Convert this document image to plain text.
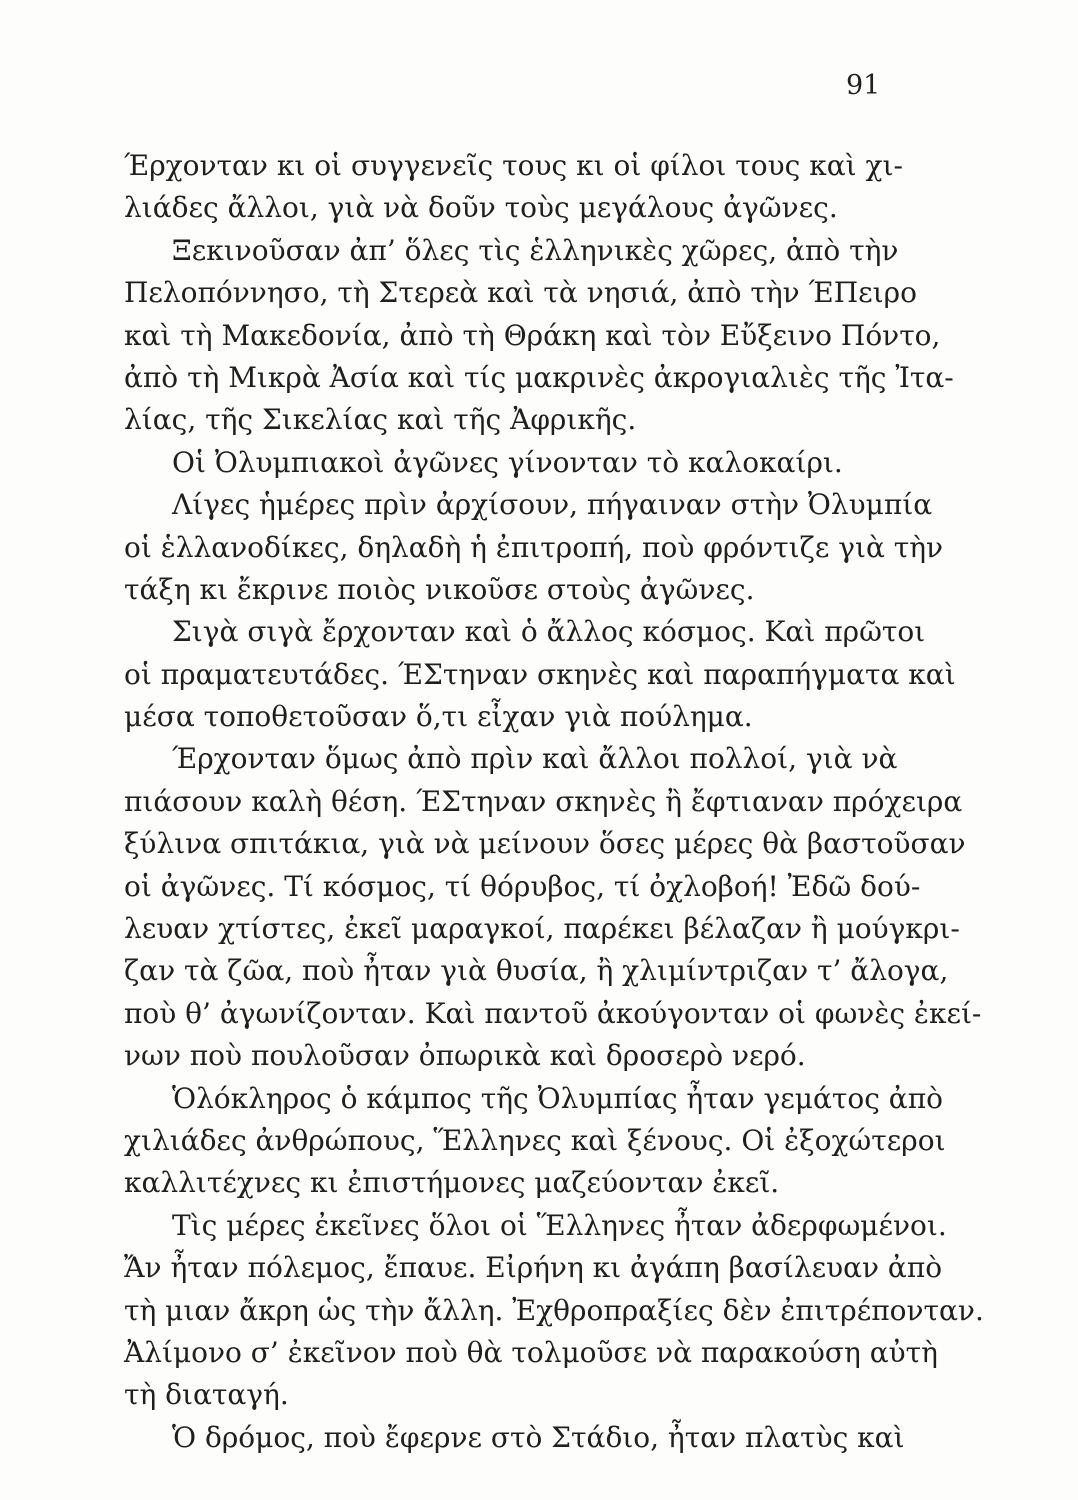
91
Έρχονταν κι οἱ συγγενεῖς τους κι οἱ φίλοι τους καὶ χι-
λιάδες ἄλλοι, γιὰ νὰ δοῦν τοὺς μεγάλους ἀγῶνες.
Ξεκινοῦσαν ἀπ’ ὅλες τὶς ἑλληνικὲς χῶρες, ἀπὸ τὴν
Πελοπόννησο, τὴ Στερεὰ καὶ τὰ νησιά, ἀπὸ τὴν ΈΠειρο
καὶ τὴ Μακεδονία, ἀπὸ τὴ Θράκη καὶ τὸν Εὔξεινο Πόντο,
ἀπὸ τὴ Μικρὰ Ἀσία καὶ τίς μακρινὲς ἀκρογιαλιὲς τῆς Ἰτα-
λίας, τῆς Σικελίας καὶ τῆς Ἀφρικῆς.
Οἱ Ὀλυμπιακοὶ ἀγῶνες γίνονταν τὸ καλοκαίρι.
Λίγες ἡμέρες πρὶν ἀρχίσουν, πήγαιναν στὴν Ὀλυμπία
οἱ ἑλλανοδίκες, δηλαδὴ ἡ ἐπιτροπή, ποὺ φρόντιζε γιὰ τὴν
τάξη κι ἔκρινε ποιὸς νικοῦσε στοὺς ἀγῶνες.
Σιγὰ σιγὰ ἔρχονταν καὶ ὁ ἄλλος κόσμος. Καὶ πρῶτοι
οἱ πραματευτάδες. ΈΣτηναν σκηνὲς καὶ παραπήγματα καὶ
μέσα τοποθετοῦσαν ὅ,τι εἶχαν γιὰ πούλημα.
Έρχονταν ὅμως ἀπὸ πρὶν καὶ ἄλλοι πολλοί, γιὰ νὰ
πιάσουν καλὴ θέση. ΈΣτηναν σκηνὲς ἢ ἔφτιαναν πρόχειρα
ξύλινα σπιτάκια, γιὰ νὰ μείνουν ὅσες μέρες θὰ βαστοῦσαν
οἱ ἀγῶνες. Τί κόσμος, τί θόρυβος, τί ὀχλοβοή! Ἐδῶ δού-
λευαν χτίστες, ἐκεῖ μαραγκοί, παρέκει βέλαζαν ἢ μούγκρι-
ζαν τὰ ζῶα, ποὺ ἦταν γιὰ θυσία, ἢ χλιμίντριζαν τ’ ἄλογα,
ποὺ θ’ ἀγωνίζονταν. Καὶ παντοῦ ἀκούγονταν οἱ φωνὲς ἐκεί-
νων ποὺ πουλοῦσαν ὀπωρικὰ καὶ δροσερὸ νερό.
Ὁλόκληρος ὁ κάμπος τῆς Ὀλυμπίας ἦταν γεμάτος ἀπὸ
χιλιάδες ἀνθρώπους, Ἕλληνες καὶ ξένους. Οἱ ἐξοχώτεροι
καλλιτέχνες κι ἐπιστήμονες μαζεύονταν ἐκεῖ.
Τὶς μέρες ἐκεῖνες ὅλοι οἱ Ἕλληνες ἦταν ἀδερφωμένοι.
Ἄν ἦταν πόλεμος, ἔπαυε. Εἰρήνη κι ἀγάπη βασίλευαν ἀπὸ
τὴ μιαν ἄκρη ὡς τὴν ἄλλη. Ἐχθροπραξίες δὲν ἐπιτρέπονταν.
Ἀλίμονο σ’ ἐκεῖνον ποὺ θὰ τολμοῦσε νὰ παρακούση αὐτὴ
τὴ διαταγή.
Ὁ δρόμος, ποὺ ἔφερνε στὸ Στάδιο, ἦταν πλατὺς καὶ
